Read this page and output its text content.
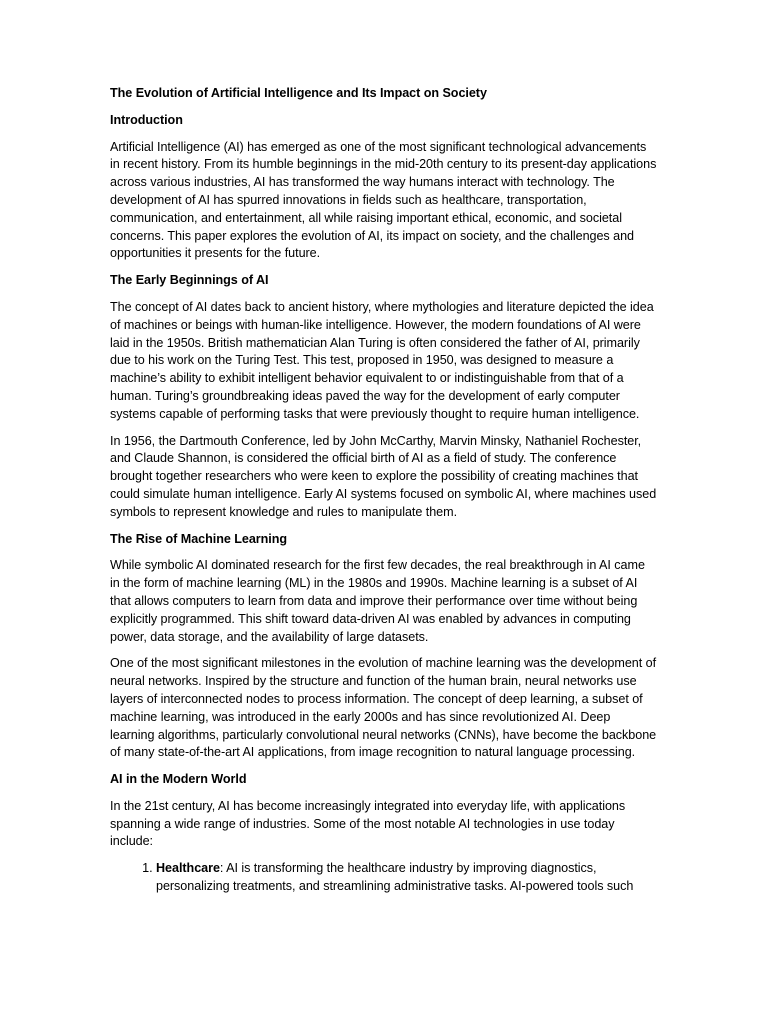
The Evolution of Artificial Intelligence and Its Impact on Society
Introduction

Artificial Intelligence (AI) has emerged as one of the most significant technological advancements in recent history. From its humble beginnings in the mid-20th century to its present-day applications across various industries, AI has transformed the way humans interact with technology. The development of AI has spurred innovations in fields such as healthcare, transportation, communication, and entertainment, all while raising important ethical, economic, and societal concerns. This paper explores the evolution of AI, its impact on society, and the challenges and opportunities it presents for the future.

The Early Beginnings of AI

The concept of AI dates back to ancient history, where mythologies and literature depicted the idea of machines or beings with human-like intelligence. However, the modern foundations of AI were laid in the 1950s. British mathematician Alan Turing is often considered the father of AI, primarily due to his work on the Turing Test. This test, proposed in 1950, was designed to measure a machine’s ability to exhibit intelligent behavior equivalent to or indistinguishable from that of a human. Turing’s groundbreaking ideas paved the way for the development of early computer systems capable of performing tasks that were previously thought to require human intelligence.

In 1956, the Dartmouth Conference, led by John McCarthy, Marvin Minsky, Nathaniel Rochester, and Claude Shannon, is considered the official birth of AI as a field of study. The conference brought together researchers who were keen to explore the possibility of creating machines that could simulate human intelligence. Early AI systems focused on symbolic AI, where machines used symbols to represent knowledge and rules to manipulate them.

The Rise of Machine Learning

While symbolic AI dominated research for the first few decades, the real breakthrough in AI came in the form of machine learning (ML) in the 1980s and 1990s. Machine learning is a subset of AI that allows computers to learn from data and improve their performance over time without being explicitly programmed. This shift toward data-driven AI was enabled by advances in computing power, data storage, and the availability of large datasets.

One of the most significant milestones in the evolution of machine learning was the development of neural networks. Inspired by the structure and function of the human brain, neural networks use layers of interconnected nodes to process information. The concept of deep learning, a subset of machine learning, was introduced in the early 2000s and has since revolutionized AI. Deep learning algorithms, particularly convolutional neural networks (CNNs), have become the backbone of many state-of-the-art AI applications, from image recognition to natural language processing.

AI in the Modern World

In the 21st century, AI has become increasingly integrated into everyday life, with applications spanning a wide range of industries. Some of the most notable AI technologies in use today include:

1. Healthcare: AI is transforming the healthcare industry by improving diagnostics, personalizing treatments, and streamlining administrative tasks. AI-powered tools such
